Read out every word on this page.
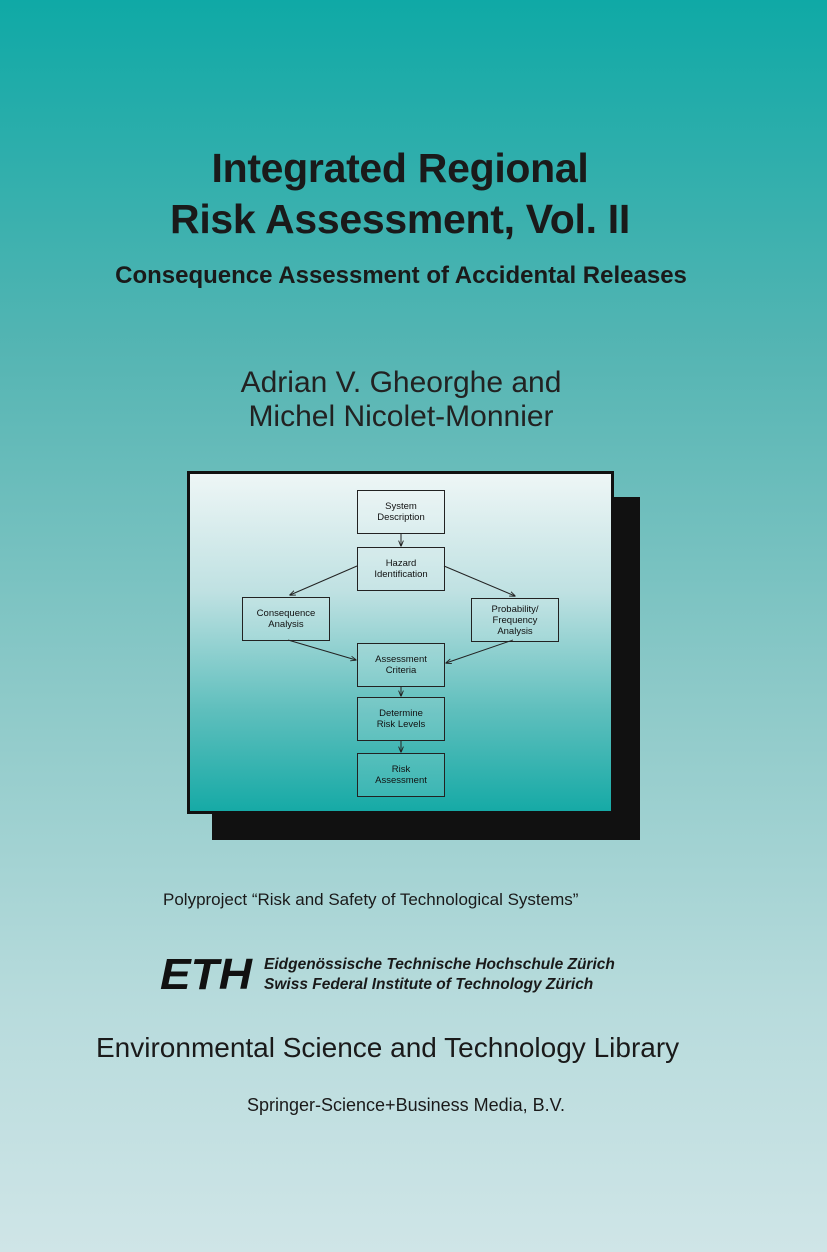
Integrated Regional
Risk Assessment, Vol. II
Consequence Assessment of Accidental Releases
Adrian V. Gheorghe and
Michel Nicolet-Monnier
System
Description
Hazard
Identification
Consequence
Analysis
Probability/
Frequency
Analysis
Assessment
Criteria
Determine
Risk Levels
Risk
Assessment
Polyproject “Risk and Safety of Technological Systems”
ETH Eidgenössische Technische Hochschule Zürich
Swiss Federal Institute of Technology Zürich
Environmental Science and Technology Library
Springer-Science+Business Media, B.V.
